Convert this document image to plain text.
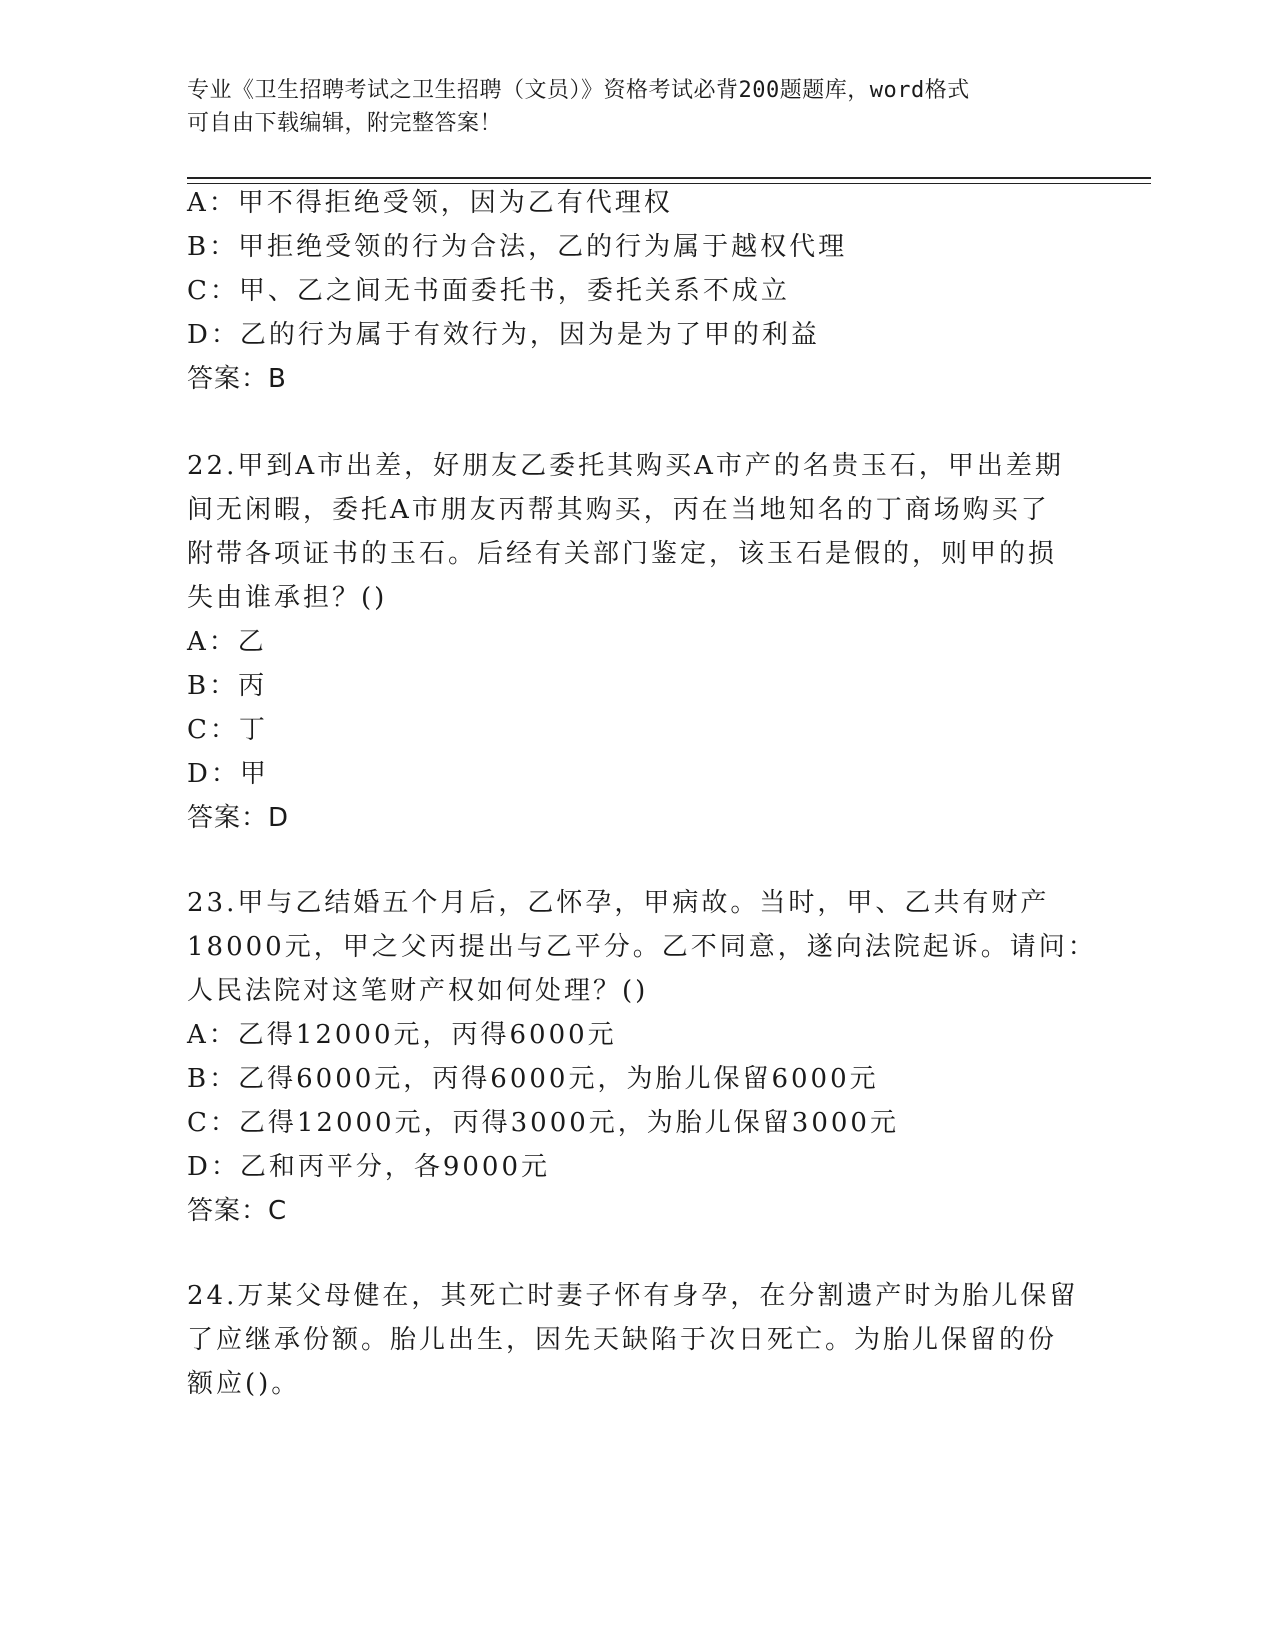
专业《卫生招聘考试之卫生招聘（文员）》资格考试必背200题题库，word格式
可自由下载编辑，附完整答案！
A：甲不得拒绝受领，因为乙有代理权
B：甲拒绝受领的行为合法，乙的行为属于越权代理
C：甲、乙之间无书面委托书，委托关系不成立
D：乙的行为属于有效行为，因为是为了甲的利益
答案：B
22.甲到A市出差，好朋友乙委托其购买A市产的名贵玉石，甲出差期
间无闲暇，委托A市朋友丙帮其购买，丙在当地知名的丁商场购买了
附带各项证书的玉石。后经有关部门鉴定，该玉石是假的，则甲的损
失由谁承担？()
A：乙
B：丙
C：丁
D：甲
答案：D
23.甲与乙结婚五个月后，乙怀孕，甲病故。当时，甲、乙共有财产
18000元，甲之父丙提出与乙平分。乙不同意，遂向法院起诉。请问：
人民法院对这笔财产权如何处理？()
A：乙得12000元，丙得6000元
B：乙得6000元，丙得6000元，为胎儿保留6000元
C：乙得12000元，丙得3000元，为胎儿保留3000元
D：乙和丙平分，各9000元
答案：C
24.万某父母健在，其死亡时妻子怀有身孕，在分割遗产时为胎儿保留
了应继承份额。胎儿出生，因先天缺陷于次日死亡。为胎儿保留的份
额应()。
